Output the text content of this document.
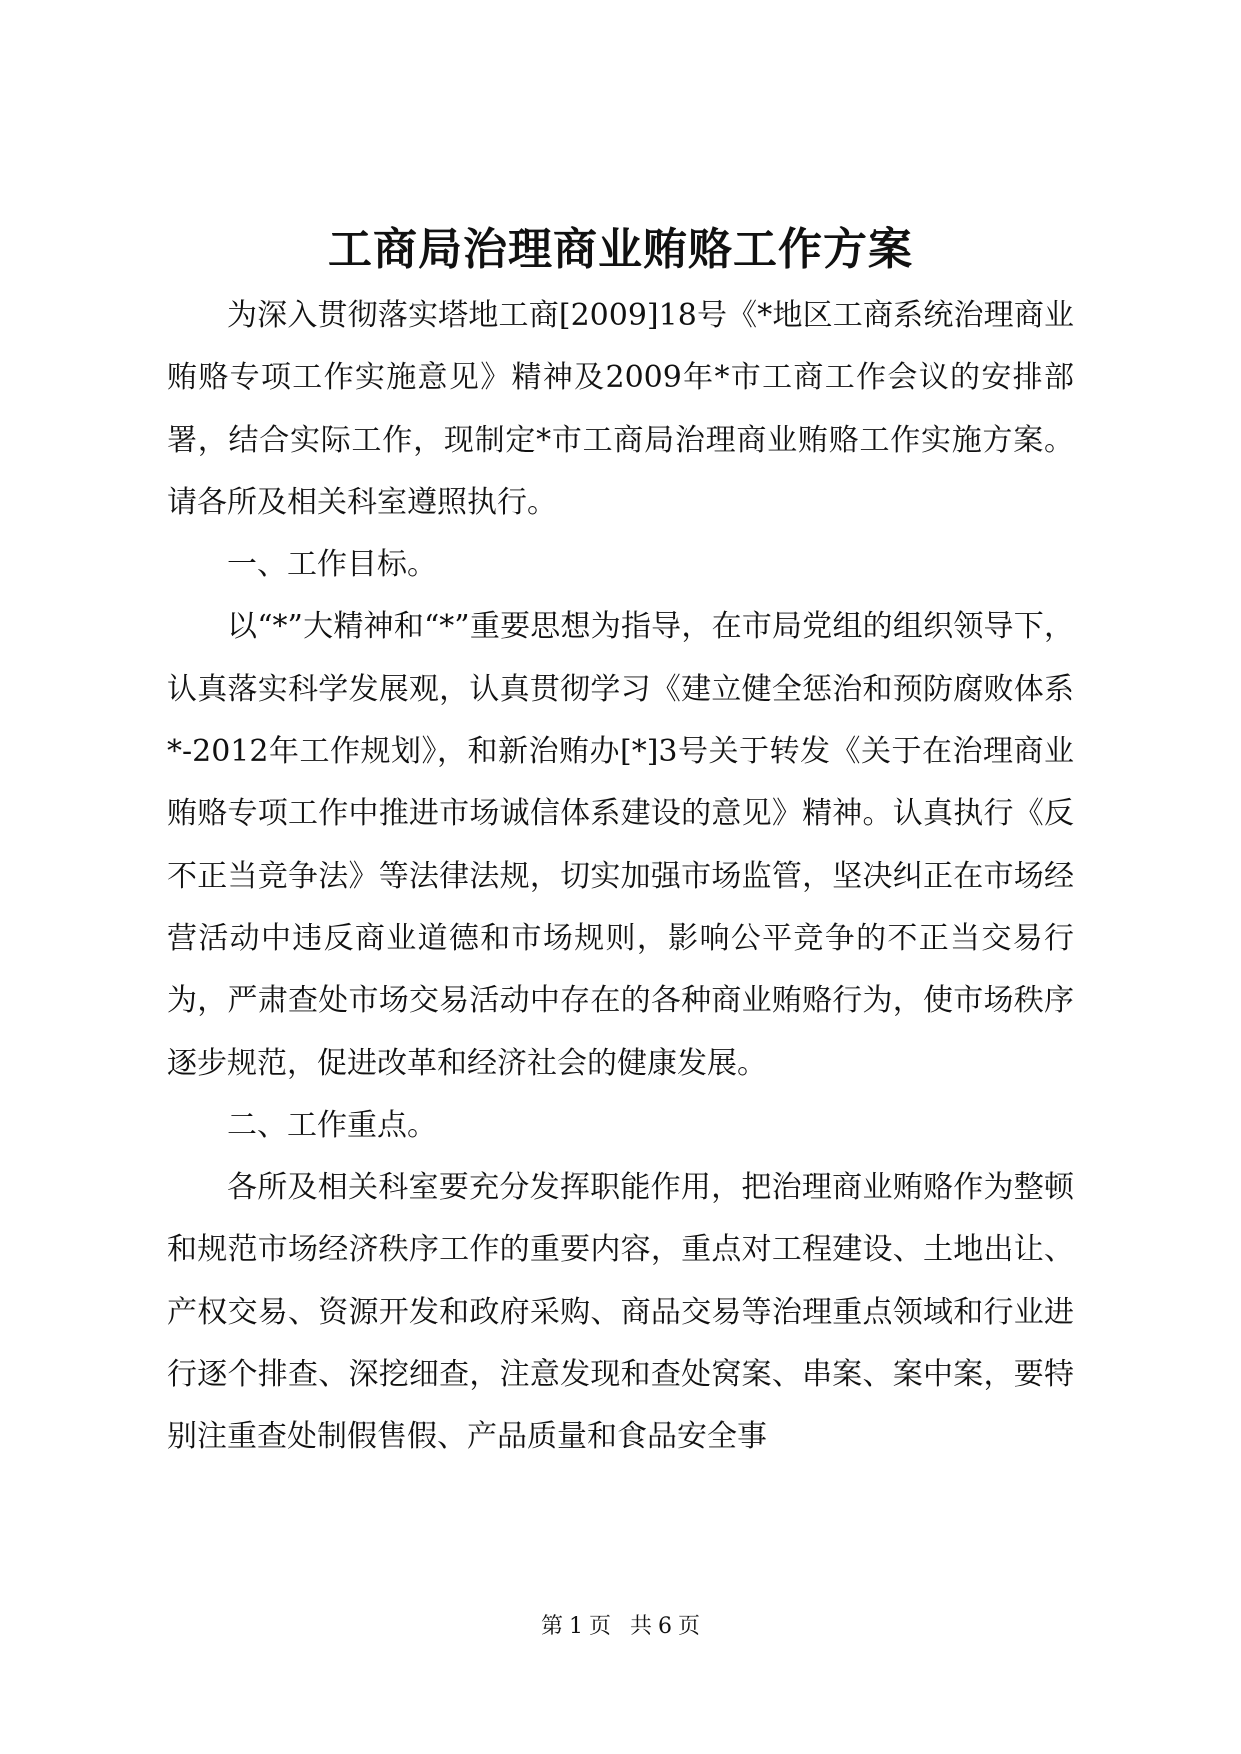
工商局治理商业贿赂工作方案

为深入贯彻落实塔地工商[2009]18号《*地区工商系统治理商业贿赂专项工作实施意见》精神及2009年*市工商工作会议的安排部署，结合实际工作，现制定*市工商局治理商业贿赂工作实施方案。请各所及相关科室遵照执行。

一、工作目标。

以“*”大精神和“*”重要思想为指导，在市局党组的组织领导下，认真落实科学发展观，认真贯彻学习《建立健全惩治和预防腐败体系*-2012年工作规划》，和新治贿办[*]3号关于转发《关于在治理商业贿赂专项工作中推进市场诚信体系建设的意见》精神。认真执行《反不正当竞争法》等法律法规，切实加强市场监管，坚决纠正在市场经营活动中违反商业道德和市场规则，影响公平竞争的不正当交易行为，严肃查处市场交易活动中存在的各种商业贿赂行为，使市场秩序逐步规范，促进改革和经济社会的健康发展。

二、工作重点。

各所及相关科室要充分发挥职能作用，把治理商业贿赂作为整顿和规范市场经济秩序工作的重要内容，重点对工程建设、土地出让、产权交易、资源开发和政府采购、商品交易等治理重点领域和行业进行逐个排查、深挖细查，注意发现和查处窝案、串案、案中案，要特别注重查处制假售假、产品质量和食品安全事

第 1 页 共 6 页
